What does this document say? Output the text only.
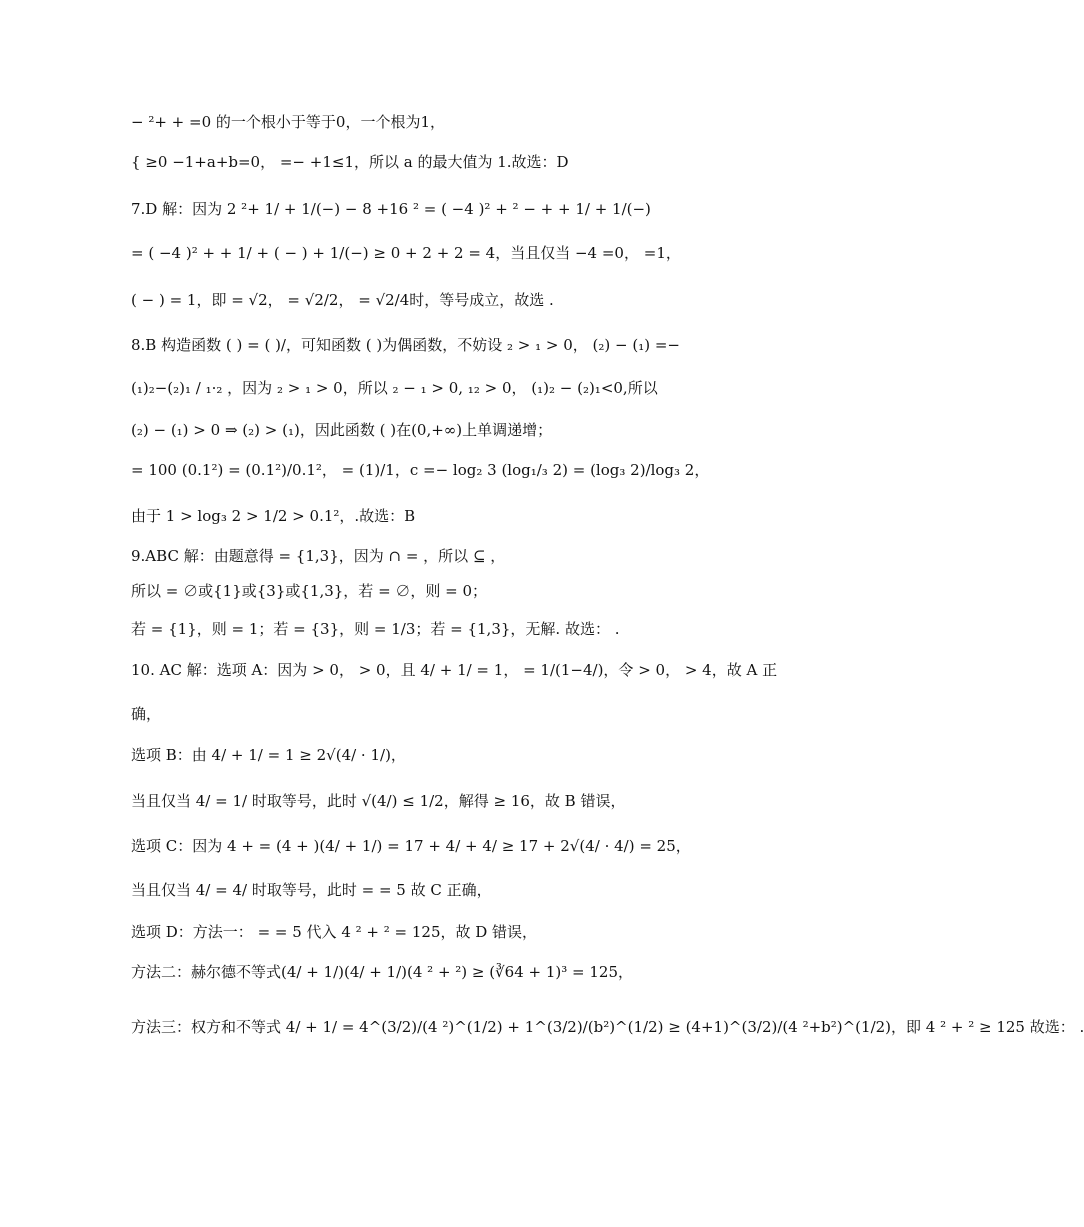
− ²+ + =0 的一个根小于等于0，一个根为1，
{ ≥0 −1+a+b=0， =− +1≤1，所以 a 的最大值为 1.故选：D
7.D 解：因为 2 ²+ 1/ + 1/(−) − 8 +16 ² = ( −4 )² + ² − + + 1/ + 1/(−)
= ( −4 )² + + 1/ + ( − ) + 1/(−) ≥ 0 + 2 + 2 = 4，当且仅当 −4 =0， =1，
( − ) = 1，即 = √2， = √2/2， = √2/4时，等号成立，故选 .
8.B 构造函数 ( ) = ( )/，可知函数 ( )为偶函数，不妨设 ₂ > ₁ > 0， (₂) − (₁) =−
(₁)₂−(₂)₁ / ₁·₂ ，因为 ₂ > ₁ > 0，所以 ₂ − ₁ > 0, ₁₂ > 0， (₁)₂ − (₂)₁<0,所以
(₂) − (₁) > 0 ⇒ (₂) > (₁)，因此函数 ( )在(0,+∞)上单调递增；
= 100 (0.1²) = (0.1²)/0.1²， = (1)/1，c =− log₂ 3 (log₁/₃ 2) = (log₃ 2)/log₃ 2，
由于 1 > log₃ 2 > 1/2 > 0.1²，.故选：B
9.ABC 解：由题意得 = {1,3}，因为 ∩ = ，所以 ⊆ ，
所以 = ∅或{1}或{3}或{1,3}，若 = ∅，则 = 0；
若 = {1}，则 = 1；若 = {3}，则 = 1/3；若 = {1,3}，无解. 故选： .
10. AC 解：选项 A：因为 > 0， > 0，且 4/ + 1/ = 1， = 1/(1−4/)，令 > 0， > 4，故 A 正
确，
选项 B：由 4/ + 1/ = 1 ≥ 2√(4/ · 1/)，
当且仅当 4/ = 1/ 时取等号，此时 √(4/) ≤ 1/2，解得 ≥ 16，故 B 错误，
选项 C：因为 4 + = (4 + )(4/ + 1/) = 17 + 4/ + 4/ ≥ 17 + 2√(4/ · 4/) = 25，
当且仅当 4/ = 4/ 时取等号，此时 = = 5 故 C 正确，
选项 D：方法一： = = 5 代入 4 ² + ² = 125，故 D 错误，
方法二：赫尔德不等式(4/ + 1/)(4/ + 1/)(4 ² + ²) ≥ (∛64 + 1)³ = 125，
方法三：权方和不等式 4/ + 1/ = 4^(3/2)/(4 ²)^(1/2) + 1^(3/2)/(b²)^(1/2) ≥ (4+1)^(3/2)/(4 ²+b²)^(1/2)，即 4 ² + ² ≥ 125 故选： .
